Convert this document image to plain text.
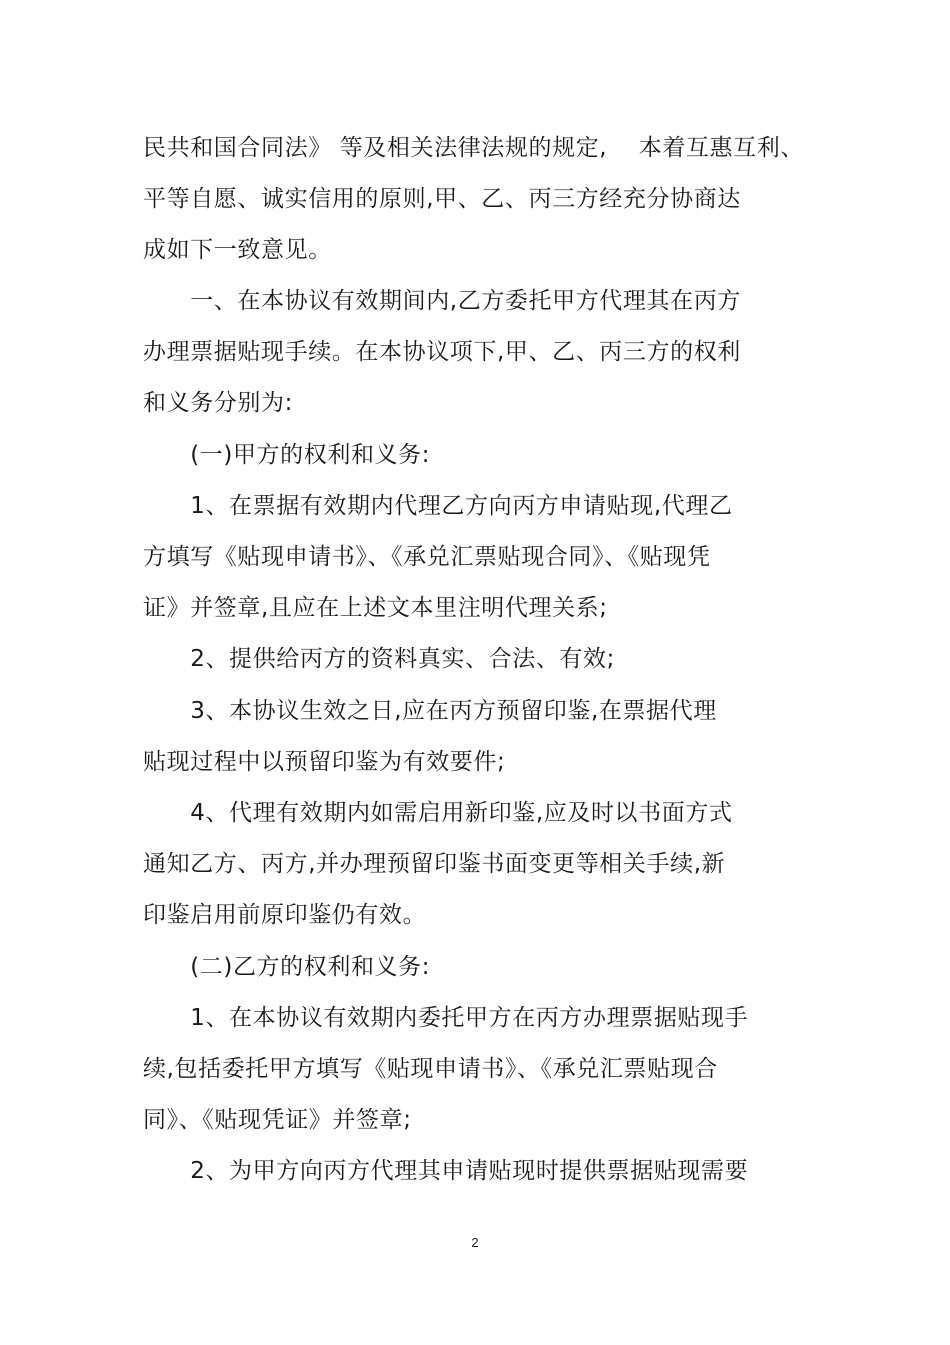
民共和国合同法》 等及相关法律法规的规定,　 本着互惠互利、
平等自愿、诚实信用的原则,甲、乙、丙三方经充分协商达
成如下一致意见。
　　一、在本协议有效期间内,乙方委托甲方代理其在丙方
办理票据贴现手续。在本协议项下,甲、乙、丙三方的权利
和义务分别为:
　　(一)甲方的权利和义务:
　　1、在票据有效期内代理乙方向丙方申请贴现,代理乙
方填写《贴现申请书》、《承兑汇票贴现合同》、《贴现凭
证》并签章,且应在上述文本里注明代理关系;
　　2、提供给丙方的资料真实、合法、有效;
　　3、本协议生效之日,应在丙方预留印鉴,在票据代理
贴现过程中以预留印鉴为有效要件;
　　4、代理有效期内如需启用新印鉴,应及时以书面方式
通知乙方、丙方,并办理预留印鉴书面变更等相关手续,新
印鉴启用前原印鉴仍有效。
　　(二)乙方的权利和义务:
　　1、在本协议有效期内委托甲方在丙方办理票据贴现手
续,包括委托甲方填写《贴现申请书》、《承兑汇票贴现合
同》、《贴现凭证》并签章;
　　2、为甲方向丙方代理其申请贴现时提供票据贴现需要
2
